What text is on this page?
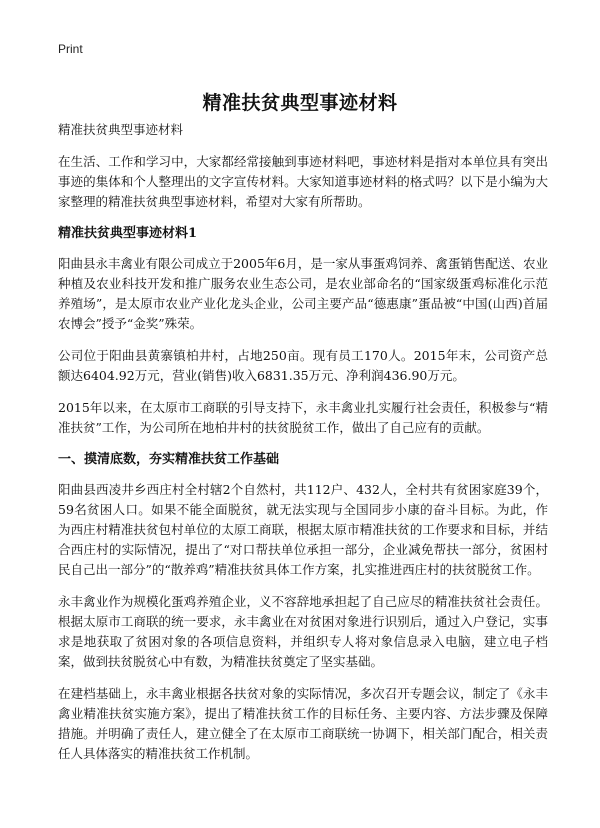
Print
精准扶贫典型事迹材料
精准扶贫典型事迹材料

在生活、工作和学习中，大家都经常接触到事迹材料吧，事迹材料是指对本单位具有突出事迹的集体和个人整理出的文字宣传材料。大家知道事迹材料的格式吗？以下是小编为大家整理的精准扶贫典型事迹材料，希望对大家有所帮助。

精准扶贫典型事迹材料1

阳曲县永丰禽业有限公司成立于2005年6月，是一家从事蛋鸡饲养、禽蛋销售配送、农业种植及农业科技开发和推广服务农业生态公司，是农业部命名的“国家级蛋鸡标准化示范养殖场”，是太原市农业产业化龙头企业，公司主要产品“德惠康”蛋品被“中国(山西)首届农博会”授予“金奖”殊荣。

公司位于阳曲县黄寨镇柏井村，占地250亩。现有员工170人。2015年末，公司资产总额达6404.92万元，营业(销售)收入6831.35万元、净利润436.90万元。

2015年以来，在太原市工商联的引导支持下，永丰禽业扎实履行社会责任，积极参与“精准扶贫”工作，为公司所在地柏井村的扶贫脱贫工作，做出了自己应有的贡献。

一、摸清底数，夯实精准扶贫工作基础

阳曲县西凌井乡西庄村全村辖2个自然村，共112户、432人，全村共有贫困家庭39个，59名贫困人口。如果不能全面脱贫，就无法实现与全国同步小康的奋斗目标。为此，作为西庄村精准扶贫包村单位的太原工商联，根据太原市精准扶贫的工作要求和目标，并结合西庄村的实际情况，提出了“对口帮扶单位承担一部分，企业减免帮扶一部分，贫困村民自己出一部分”的“散养鸡”精准扶贫具体工作方案，扎实推进西庄村的扶贫脱贫工作。

永丰禽业作为规模化蛋鸡养殖企业，义不容辞地承担起了自己应尽的精准扶贫社会责任。根据太原市工商联的统一要求，永丰禽业在对贫困对象进行识别后，通过入户登记，实事求是地获取了贫困对象的各项信息资料，并组织专人将对象信息录入电脑，建立电子档案，做到扶贫脱贫心中有数，为精准扶贫奠定了坚实基础。

在建档基础上，永丰禽业根据各扶贫对象的实际情况，多次召开专题会议，制定了《永丰禽业精准扶贫实施方案》，提出了精准扶贫工作的目标任务、主要内容、方法步骤及保障措施。并明确了责任人，建立健全了在太原市工商联统一协调下，相关部门配合，相关责任人具体落实的精准扶贫工作机制。
